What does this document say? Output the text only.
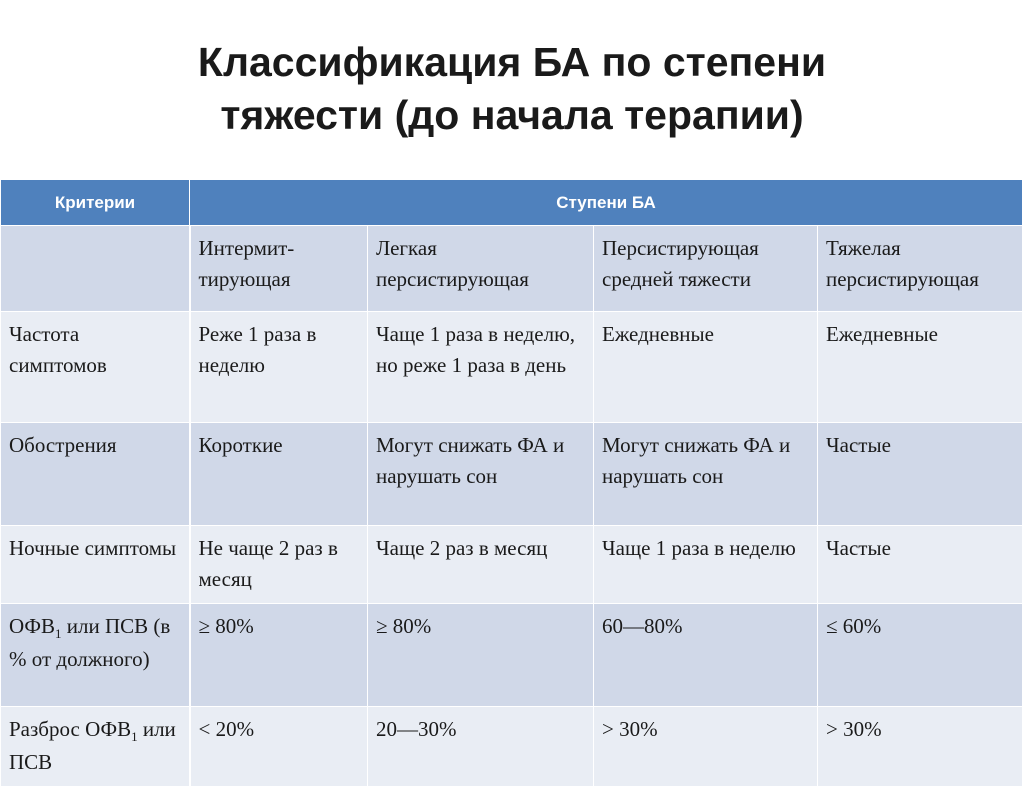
Классификация БА по степени
тяжести (до начала терапии)
Критерии	Ступени БА			
	Интермит-тирующая	Легкая персистирующая	Персистирующая средней тяжести	Тяжелая персистирующая
Частота симптомов	Реже 1 раза в неделю	Чаще 1 раза в неделю, но реже 1 раза в день	Ежедневные	Ежедневные
Обострения	Короткие	Могут снижать ФА и нарушать сон	Могут снижать ФА и нарушать сон	Частые
Ночные симптомы	Не чаще 2 раз в месяц	Чаще 2 раз в месяц	Чаще 1 раза в неделю	Частые
$ОФВ_1$ или ПСВ (в % от должного)	≥ 80%	≥ 80%	60—80%	≤ 60%
Разброс $ОФВ_1$ или ПСВ	< 20%	20—30%	> 30%	> 30%
